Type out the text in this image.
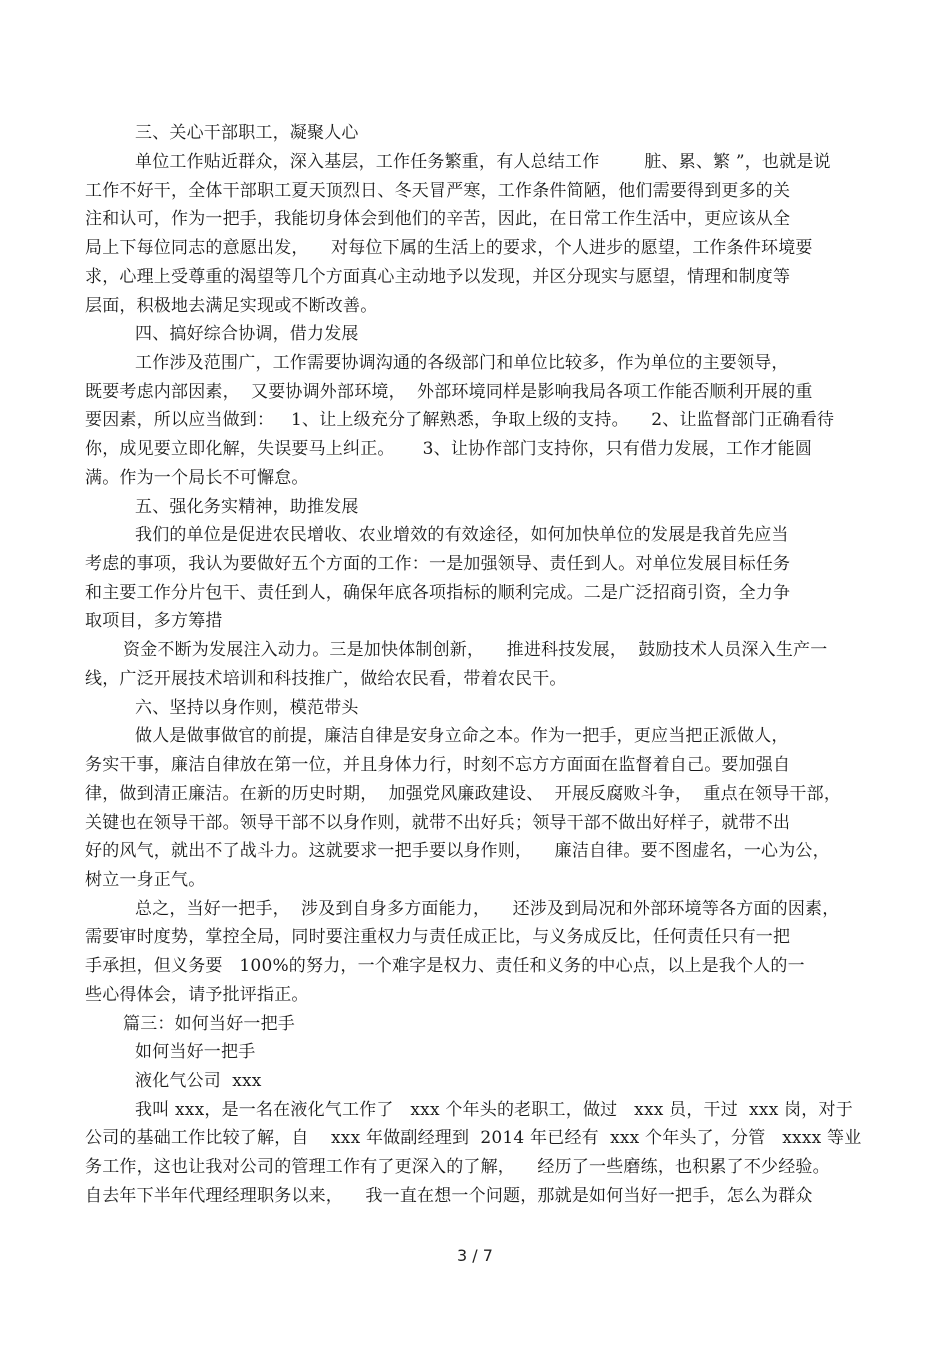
三、关心干部职工，凝聚人心
单位工作贴近群众，深入基层，工作任务繁重，有人总结工作        脏、累、繁 ”，也就是说
工作不好干，全体干部职工夏天顶烈日、冬天冒严寒，工作条件简陋，他们需要得到更多的关
注和认可，作为一把手，我能切身体会到他们的辛苦，因此，在日常工作生活中，更应该从全
局上下每位同志的意愿出发，    对每位下属的生活上的要求，个人进步的愿望，工作条件环境要
求，心理上受尊重的渴望等几个方面真心主动地予以发现，并区分现实与愿望，情理和制度等
层面，积极地去满足实现或不断改善。
四、搞好综合协调，借力发展
工作涉及范围广，工作需要协调沟通的各级部门和单位比较多，作为单位的主要领导，
既要考虑内部因素，  又要协调外部环境，  外部环境同样是影响我局各项工作能否顺利开展的重
要因素，所以应当做到：   1、让上级充分了解熟悉，争取上级的支持。    2、让监督部门正确看待
你，成见要立即化解，失误要马上纠正。     3、让协作部门支持你，只有借力发展，工作才能圆
满。作为一个局长不可懈怠。
五、强化务实精神，助推发展
我们的单位是促进农民增收、农业增效的有效途径，如何加快单位的发展是我首先应当
考虑的事项，我认为要做好五个方面的工作：一是加强领导、责任到人。对单位发展目标任务
和主要工作分片包干、责任到人，确保年底各项指标的顺利完成。二是广泛招商引资，全力争
取项目，多方筹措
资金不断为发展注入动力。三是加快体制创新，    推进科技发展，  鼓励技术人员深入生产一
线，广泛开展技术培训和科技推广，做给农民看，带着农民干。
六、坚持以身作则，模范带头
做人是做事做官的前提，廉洁自律是安身立命之本。作为一把手，更应当把正派做人，
务实干事，廉洁自律放在第一位，并且身体力行，时刻不忘方方面面在监督着自己。要加强自
律，做到清正廉洁。在新的历史时期，  加强党风廉政建设、  开展反腐败斗争，  重点在领导干部，
关键也在领导干部。领导干部不以身作则，就带不出好兵；领导干部不做出好样子，就带不出
好的风气，就出不了战斗力。这就要求一把手要以身作则，    廉洁自律。要不图虚名，一心为公，
树立一身正气。
总之，当好一把手，  涉及到自身多方面能力，    还涉及到局况和外部环境等各方面的因素，
需要审时度势，掌控全局，同时要注重权力与责任成正比，与义务成反比，任何责任只有一把
手承担，但义务要   100%的努力，一个难字是权力、责任和义务的中心点，以上是我个人的一
些心得体会，请予批评指正。
篇三：如何当好一把手
如何当好一把手
液化气公司  xxx
我叫 xxx，是一名在液化气工作了   xxx 个年头的老职工，做过   xxx 员，干过  xxx 岗，对于
公司的基础工作比较了解，自    xxx 年做副经理到  2014 年已经有  xxx 个年头了，分管   xxxx 等业
务工作，这也让我对公司的管理工作有了更深入的了解，    经历了一些磨练，也积累了不少经验。
自去年下半年代理经理职务以来，    我一直在想一个问题，那就是如何当好一把手，怎么为群众
3 / 7
